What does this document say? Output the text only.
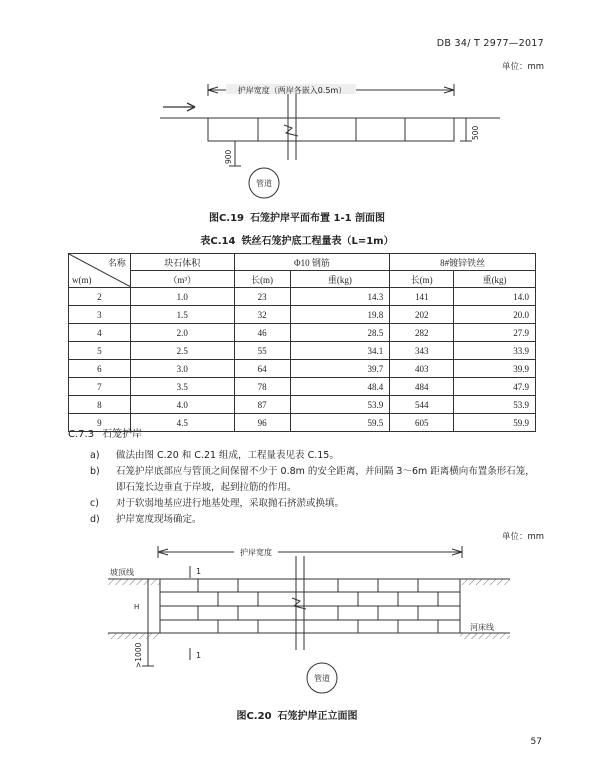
DB 34/ T 2977—2017
单位：mm
护岸宽度（两岸各嵌入0.5m）
500
900
管道
图C.19 石笼护岸平面布置 1-1 剖面图
表C.14 铁丝石笼护底工程量表（L=1m）
名称
w(m)	块石体积	Φ10 钢筋		8#镀锌铁丝	
	（m³）	长(m)	重(kg)	长(m)	重(kg)
2	1.0	23	14.3	141	14.0
3	1.5	32	19.8	202	20.0
4	2.0	46	28.5	282	27.9
5	2.5	55	34.1	343	33.9
6	3.0	64	39.7	403	39.9
7	3.5	78	48.4	484	47.9
8	4.0	87	53.9	544	53.9
9	4.5	96	59.5	605	59.9
C.7.3 石笼护岸
a)	做法由图 C.20 和 C.21 组成，工程量表见表 C.15。
b)	石笼护岸底部应与管顶之间保留不少于 0.8m 的安全距离，并间隔 3～6m 距离横向布置条形石笼，即石笼长边垂直于岸坡，起到拉筋的作用。
c)	对于软弱地基应进行地基处理，采取抛石挤淤或换填。
d)	护岸宽度现场确定。
单位：mm
护岸宽度
1
1
坡顶线
H
河床线
>1000
管道
图C.20 石笼护岸正立面图
57
